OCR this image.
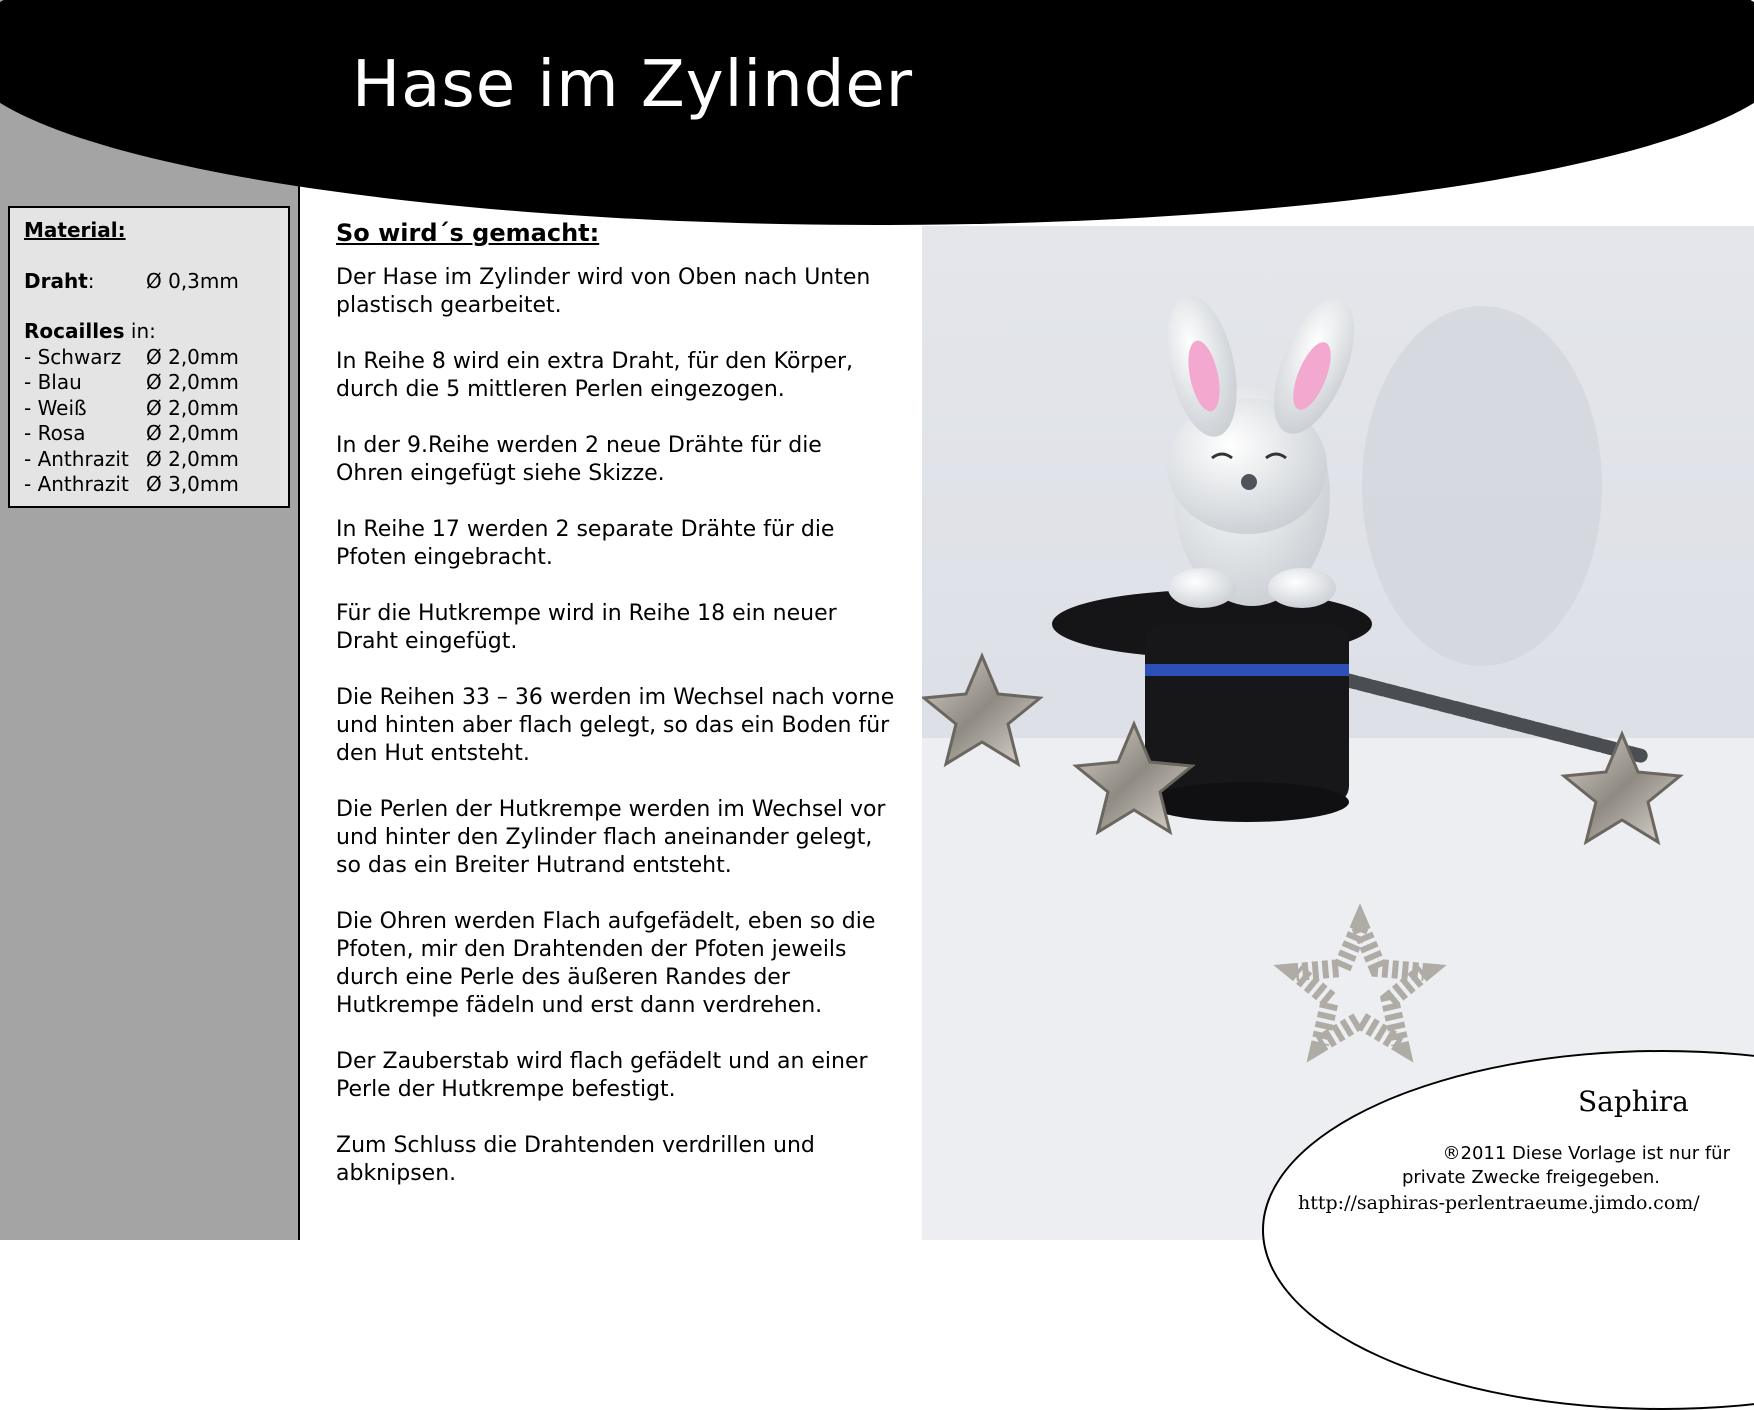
Hase im Zylinder
Material:
Draht:	Ø 0,3mm
Rocailles in:
- Schwarz	Ø 2,0mm
- Blau	Ø 2,0mm
- Weiß	Ø 2,0mm
- Rosa	Ø 2,0mm
- Anthrazit Ø 2,0mm
- Anthrazit Ø 3,0mm
So wird´s gemacht:

Der Hase im Zylinder wird von Oben nach Unten plastisch gearbeitet.

In Reihe 8 wird ein extra Draht, für den Körper, durch die 5 mittleren Perlen eingezogen.

In der 9.Reihe werden 2 neue Drähte für die Ohren eingefügt siehe Skizze.

In Reihe 17 werden 2 separate Drähte für die Pfoten eingebracht.

Für die Hutkrempe wird in Reihe 18 ein neuer Draht eingefügt.

Die Reihen 33 – 36 werden im Wechsel nach vorne und hinten aber flach gelegt, so das ein Boden für den Hut entsteht.

Die Perlen der Hutkrempe werden im Wechsel vor und hinter den Zylinder flach aneinander gelegt, so das ein Breiter Hutrand entsteht.

Die Ohren werden Flach aufgefädelt, eben so die Pfoten, mir den Drahtenden der Pfoten jeweils durch eine Perle des äußeren Randes der Hutkrempe fädeln und erst dann verdrehen.

Der Zauberstab wird flach gefädelt und an einer Perle der Hutkrempe befestigt.

Zum Schluss die Drahtenden verdrillen und abknipsen.

Saphira
®2011 Diese Vorlage ist nur für
private Zwecke freigegeben.
http://saphiras-perlentraeume.jimdo.com/
